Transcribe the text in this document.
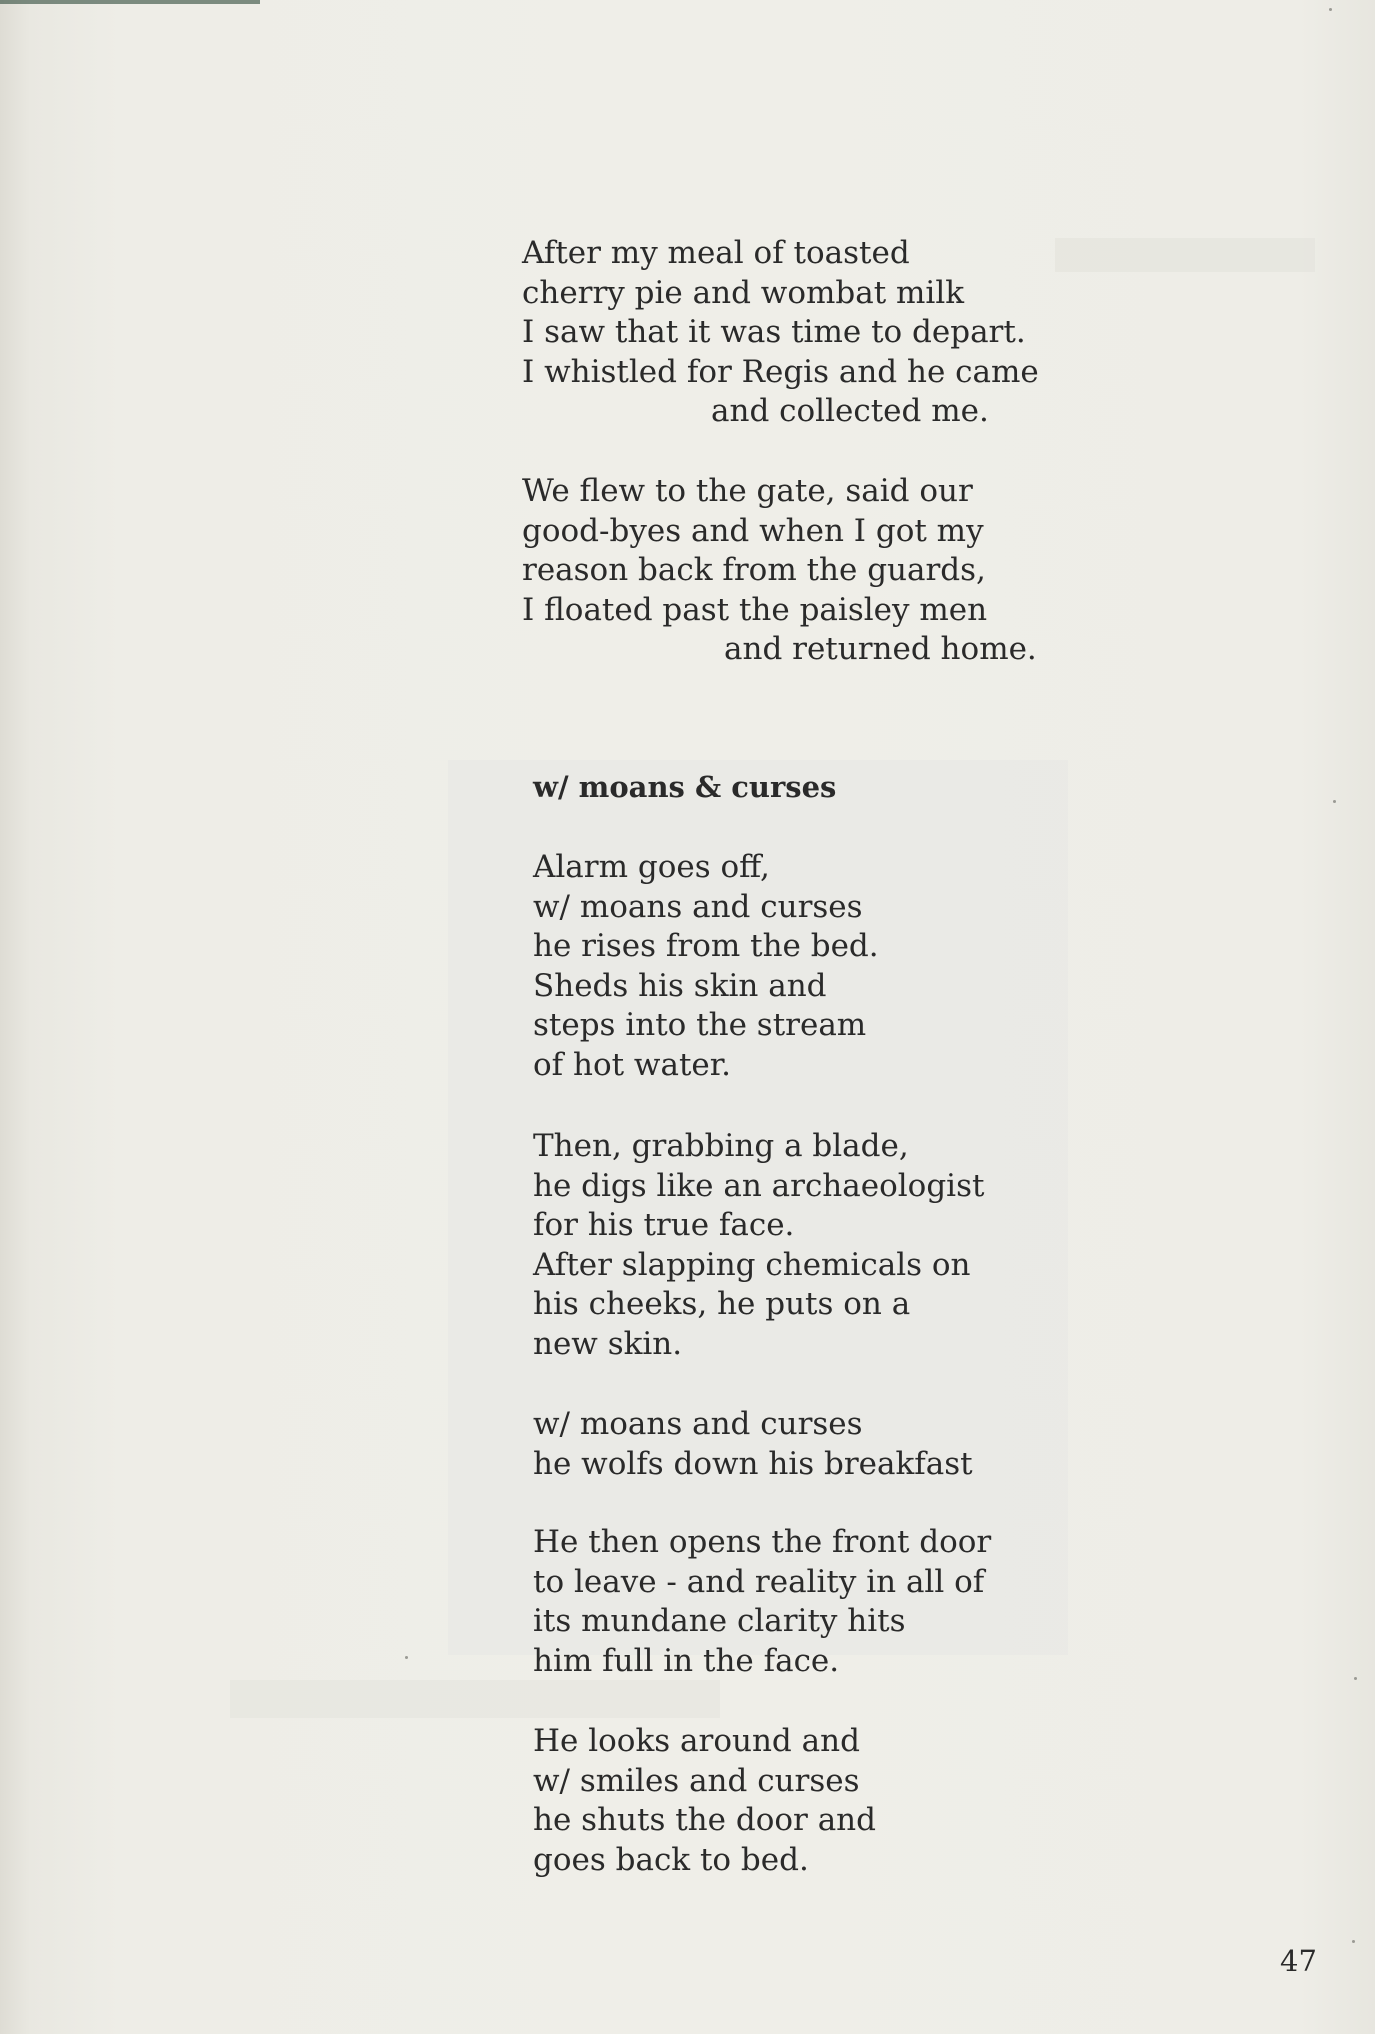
After my meal of toasted
cherry pie and wombat milk
I saw that it was time to depart.
I whistled for Regis and he came
and collected me.
We flew to the gate, said our
good-byes and when I got my
reason back from the guards,
I floated past the paisley men
and returned home.
w/ moans & curses
Alarm goes off,
w/ moans and curses
he rises from the bed.
Sheds his skin and
steps into the stream
of hot water.
Then, grabbing a blade,
he digs like an archaeologist
for his true face.
After slapping chemicals on
his cheeks, he puts on a
new skin.
w/ moans and curses
he wolfs down his breakfast
He then opens the front door
to leave - and reality in all of
its mundane clarity hits
him full in the face.
He looks around and
w/ smiles and curses
he shuts the door and
goes back to bed.
47
